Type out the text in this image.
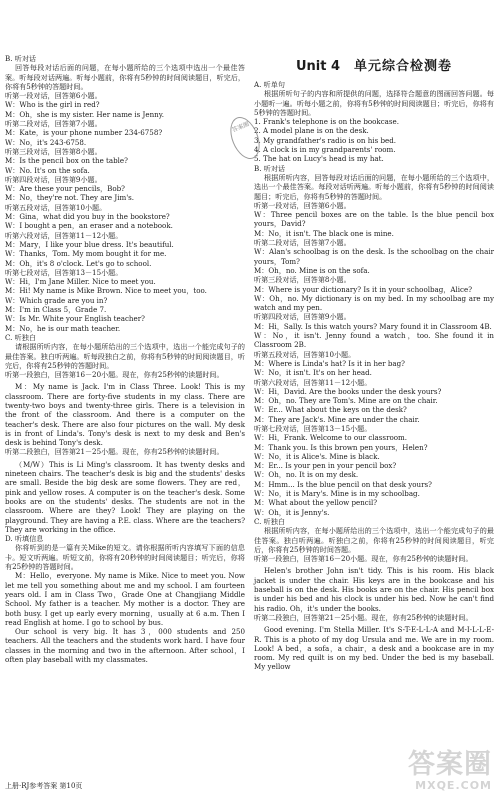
B. 听对话
回答每段对话后面的问题，在每小题所给的三个选项中选出一个最佳答案。听每段对话两遍。听每小题前，你将有5秒钟的时间阅读题目，听完后，你将有5秒钟的答题时间。
听第一段对话，回答第6小题。
W：Who is the girl in red?
M：Oh，she is my sister. Her name is Jenny.
听第二段对话，回答第7小题。
M：Kate，is your phone number 234-6758?
W：No，it's 243-6758.
听第三段对话，回答第8小题。
M：Is the pencil box on the table?
W：No. It's on the sofa.
听第四段对话，回答第9小题。
W：Are these your pencils，Bob?
M：No，they're not. They are Jim's.
听第五段对话，回答第10小题。
M：Gina，what did you buy in the bookstore?
W：I bought a pen，an eraser and a notebook.
听第六段对话，回答第11－12小题。
M：Mary，I like your blue dress. It's beautiful.
W：Thanks，Tom. My mom bought it for me.
M：Oh，it's 8 o'clock. Let's go to school.
听第七段对话，回答第13－15小题。
W：Hi，I'm Jane Miller. Nice to meet you.
M：Hi! My name is Mike Brown. Nice to meet you，too.
W：Which grade are you in?
M：I'm in Class 5，Grade 7.
W：Is Mr. White your English teacher?
M：No，he is our math teacher.
C. 听独白
请根据所听内容，在每小题所给出的三个选项中，选出一个能完成句子的最佳答案。独白听两遍。听每段独白之前，你将有5秒钟的时间阅读题目，听完后，你将有25秒钟的答题时间。
听第一段独白，回答第16－20小题。现在，你有25秒钟的读题时间。
M：My name is Jack. I'm in Class Three. Look! This is my classroom. There are forty-five students in my class. There are twenty-two boys and twenty-three girls. There is a television in the front of the classroom. And there is a computer on the teacher's desk. There are also four pictures on the wall. My desk is in front of Linda's. Tony's desk is next to my desk and Ben's desk is behind Tony's desk.
听第二段独白，回答第21－25小题。现在，你有25秒钟的读题时间。
（M/W）This is Li Ming's classroom. It has twenty desks and nineteen chairs. The teacher's desk is big and the students' desks are small. Beside the big desk are some flowers. They are red，pink and yellow roses. A computer is on the teacher's desk. Some books are on the students' desks. The students are not in the classroom. Where are they? Look! They are playing on the playground. They are having a P.E. class. Where are the teachers? They are working in the office.
D. 听填信息
你将听到的是一篇有关Mike的短文。请你根据所听内容填写下面的信息卡。短文听两遍。听短文前，你将有20秒钟的时间阅读题目；听完后，你将有25秒钟的答题时间。
M：Hello，everyone. My name is Mike. Nice to meet you. Now let me tell you something about me and my school. I am fourteen years old. I am in Class Two，Grade One at Changjiang Middle School. My father is a teacher. My mother is a doctor. They are both busy. I get up early every morning，usually at 6 a.m. Then I read English at home. I go to school by bus.
Our school is very big. It has 3，000 students and 250 teachers. All the teachers and the students work hard. I have four classes in the morning and two in the afternoon. After school，I often play baseball with my classmates.
Unit 4 单元综合检测卷
A. 听单句
根据所听句子的内容和所提供的问题，选择符合题意的图画回答问题。每小题听一遍。听每小题之前，你将有5秒钟的时间阅读题目；听完后，你将有5秒钟的答题时间。
1. Frank's telephone is on the bookcase.
2. A model plane is on the desk.
3. My grandfather's radio is on his bed.
4. A clock is in my grandparents' room.
5. The hat on Lucy's head is my hat.
B. 听对话
根据所听内容，回答每段对话后面的问题，在每小题所给的三个选项中，选出一个最佳答案。每段对话听两遍。听每小题前，你将有5秒钟的时间阅读题目；听完后，你将有5秒钟的答题时间。
听第一段对话，回答第6小题。
W：Three pencil boxes are on the table. Is the blue pencil box yours，David?
M：No，it isn't. The black one is mine.
听第二段对话，回答第7小题。
W：Alan's schoolbag is on the desk. Is the schoolbag on the chair yours，Tom?
M：Oh，no. Mine is on the sofa.
听第三段对话，回答第8小题。
M：Where is your dictionary? Is it in your schoolbag，Alice?
W：Oh，no. My dictionary is on my bed. In my schoolbag are my watch and my pen.
听第四段对话，回答第9小题。
M：Hi，Sally. Is this watch yours? Mary found it in Classroom 4B.
W：No，it isn't. Jenny found a watch，too. She found it in Classroom 2B.
听第五段对话，回答第10小题。
M：Where is Linda's hat? Is it in her bag?
W：No，it isn't. It's on her head.
听第六段对话，回答第11－12小题。
W：Hi，David. Are the books under the desk yours?
M：Oh，no. They are Tom's. Mine are on the chair.
W：Er... What about the keys on the desk?
M：They are Jack's. Mine are under the chair.
听第七段对话，回答第13－15小题。
W：Hi，Frank. Welcome to our classroom.
M：Thank you. Is this brown pen yours，Helen?
W：No，it is Alice's. Mine is black.
M：Er... Is your pen in your pencil box?
W：Oh，no. It is on my desk.
M：Hmm... Is the blue pencil on that desk yours?
W：No，it is Mary's. Mine is in my schoolbag.
M：What about the yellow pencil?
W：Oh，it is Jenny's.
C. 听独白
根据所听内容，在每小题所给出的三个选项中，选出一个能完成句子的最佳答案。独白听两遍。听独白之前，你将有25秒钟的时间阅读题目，听完后，你将有25秒钟的时间答题。
听第一段独白，回答第16－20小题。现在，你有25秒钟的读题时间。
Helen's brother John isn't tidy. This is his room. His black jacket is under the chair. His keys are in the bookcase and his baseball is on the desk. His books are on the chair. His pencil box is under his bed and his clock is under his bed. Now he can't find his radio. Oh，it's under the books.
听第二段独白，回答第21－25小题。现在，你有25秒钟的读题时间。
Good evening. I'm Stella Miller. It's S-T-E-L-L-A and M-I-L-L-E-R. This is a photo of my dog Ursula and me. We are in my room. Look! A bed，a sofa，a chair，a desk and a bookcase are in my room. My red quilt is on my bed. Under the bed is my baseball. My yellow
答案圈
上册·RJ参考答案 第10页
答案圈
MXQE.COM
